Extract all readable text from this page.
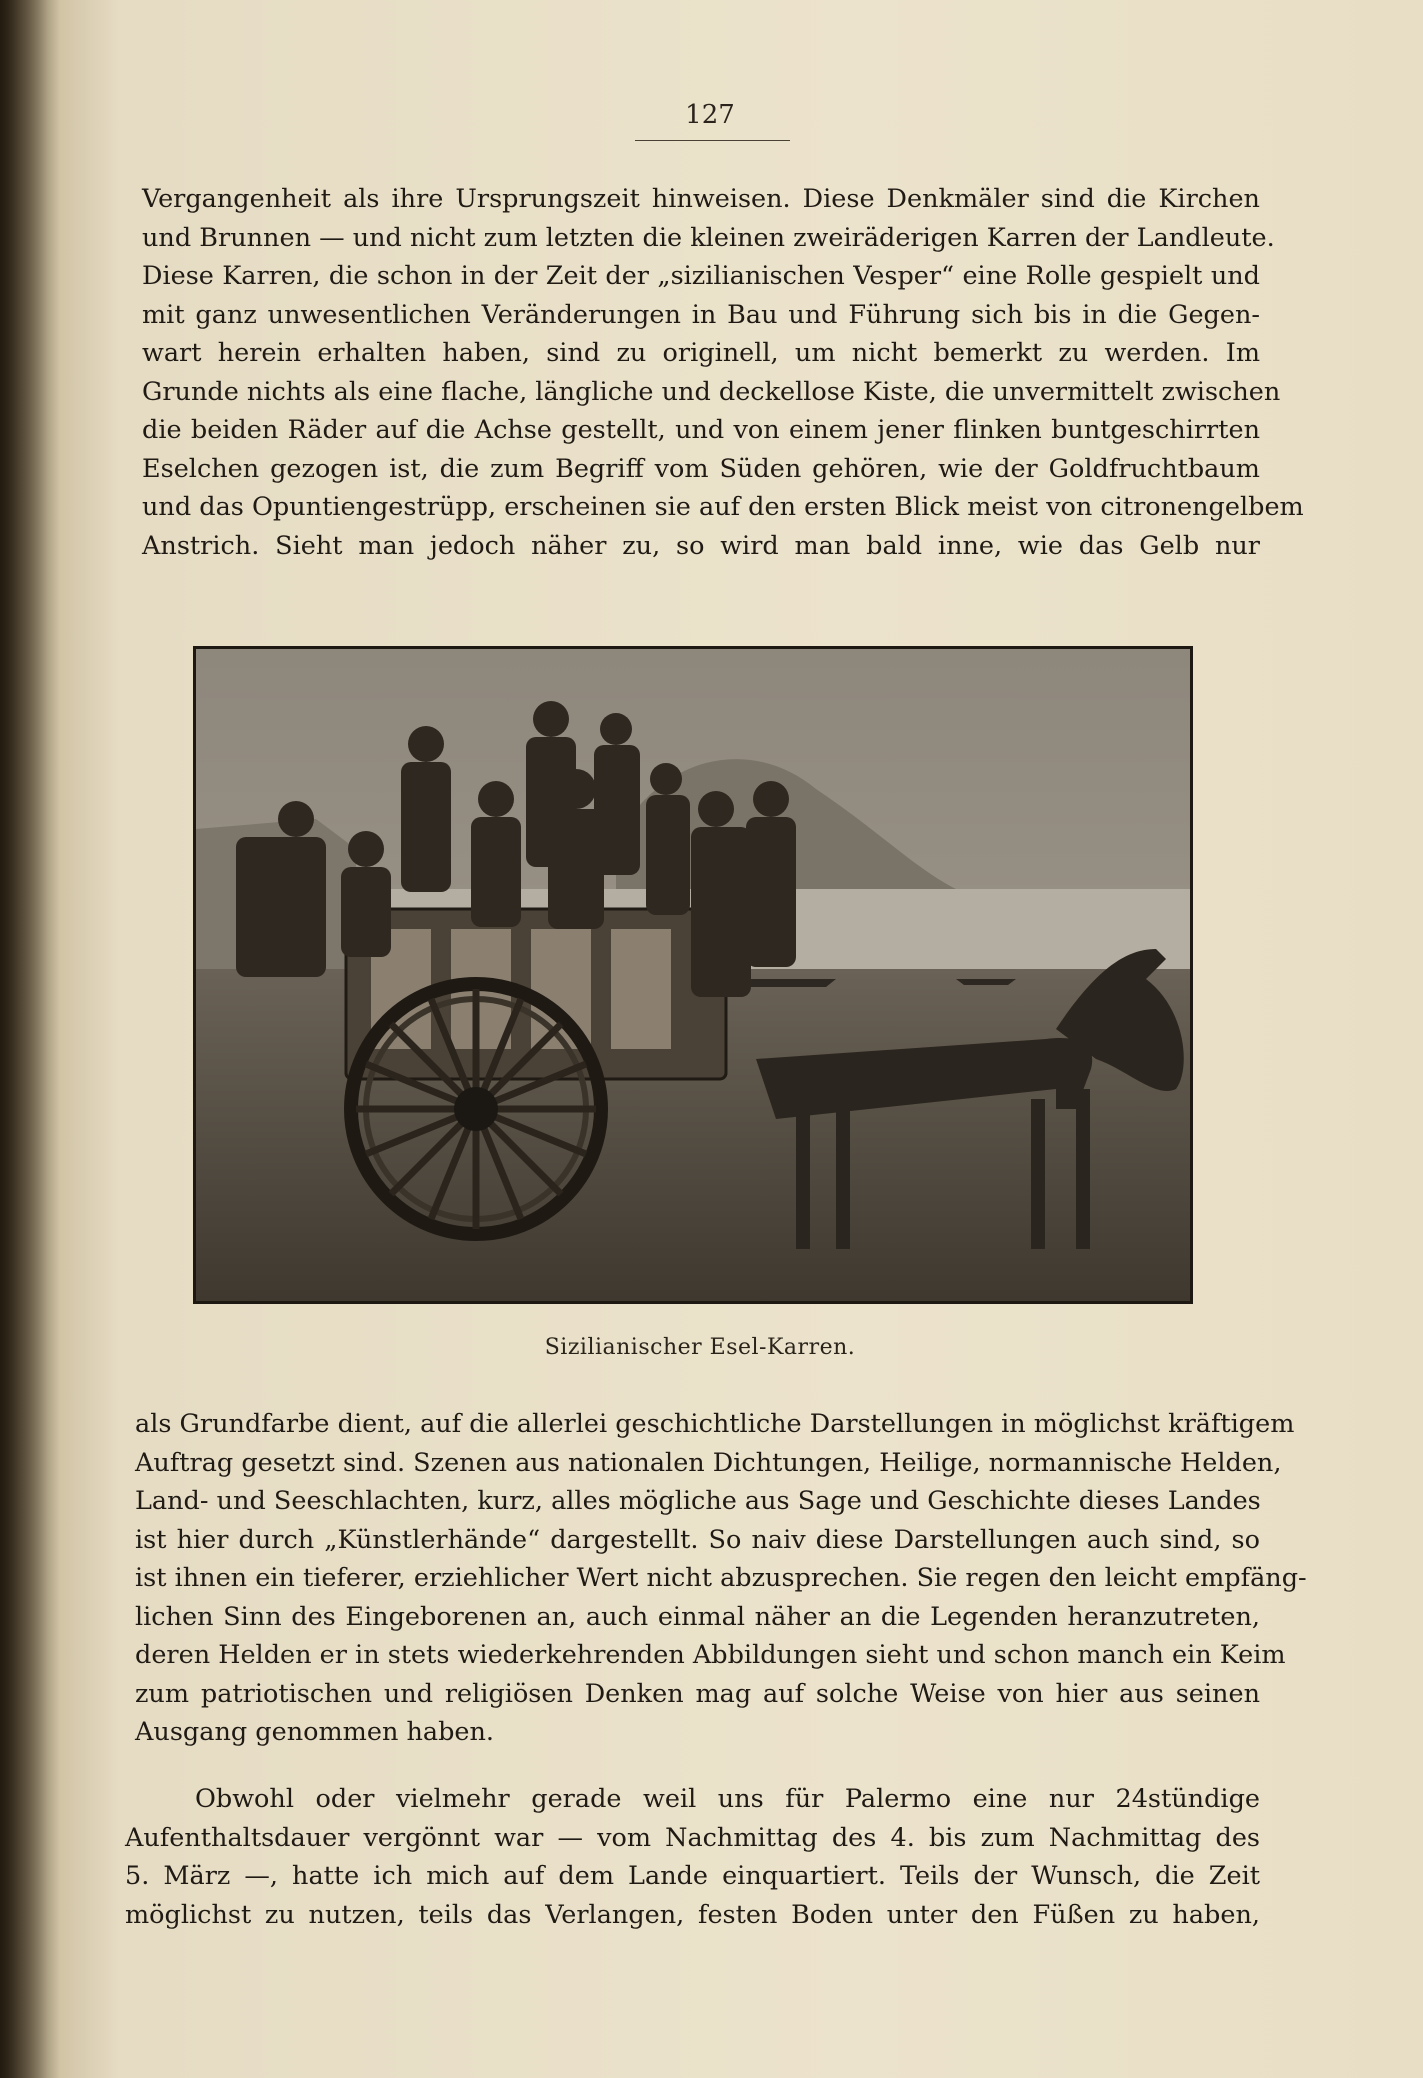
127
Vergangenheit als ihre Ursprungszeit hinweisen. Diese Denkmäler sind die Kirchen
und Brunnen — und nicht zum letzten die kleinen zweiräderigen Karren der Landleute.
Diese Karren, die schon in der Zeit der „sizilianischen Vesper“ eine Rolle gespielt und
mit ganz unwesentlichen Veränderungen in Bau und Führung sich bis in die Gegen-
wart herein erhalten haben, sind zu originell, um nicht bemerkt zu werden. Im
Grunde nichts als eine flache, längliche und deckellose Kiste, die unvermittelt zwischen
die beiden Räder auf die Achse gestellt, und von einem jener flinken buntgeschirrten
Eselchen gezogen ist, die zum Begriff vom Süden gehören, wie der Goldfruchtbaum
und das Opuntiengestrüpp, erscheinen sie auf den ersten Blick meist von citronengelbem
Anstrich. Sieht man jedoch näher zu, so wird man bald inne, wie das Gelb nur
Sizilianischer Esel-Karren.
als Grundfarbe dient, auf die allerlei geschichtliche Darstellungen in möglichst kräftigem
Auftrag gesetzt sind. Szenen aus nationalen Dichtungen, Heilige, normannische Helden,
Land- und Seeschlachten, kurz, alles mögliche aus Sage und Geschichte dieses Landes
ist hier durch „Künstlerhände“ dargestellt. So naiv diese Darstellungen auch sind, so
ist ihnen ein tieferer, erziehlicher Wert nicht abzusprechen. Sie regen den leicht empfäng-
lichen Sinn des Eingeborenen an, auch einmal näher an die Legenden heranzutreten,
deren Helden er in stets wiederkehrenden Abbildungen sieht und schon manch ein Keim
zum patriotischen und religiösen Denken mag auf solche Weise von hier aus seinen
Ausgang genommen haben.
Obwohl oder vielmehr gerade weil uns für Palermo eine nur 24stündige
Aufenthaltsdauer vergönnt war — vom Nachmittag des 4. bis zum Nachmittag des
5. März —, hatte ich mich auf dem Lande einquartiert. Teils der Wunsch, die Zeit
möglichst zu nutzen, teils das Verlangen, festen Boden unter den Füßen zu haben,
